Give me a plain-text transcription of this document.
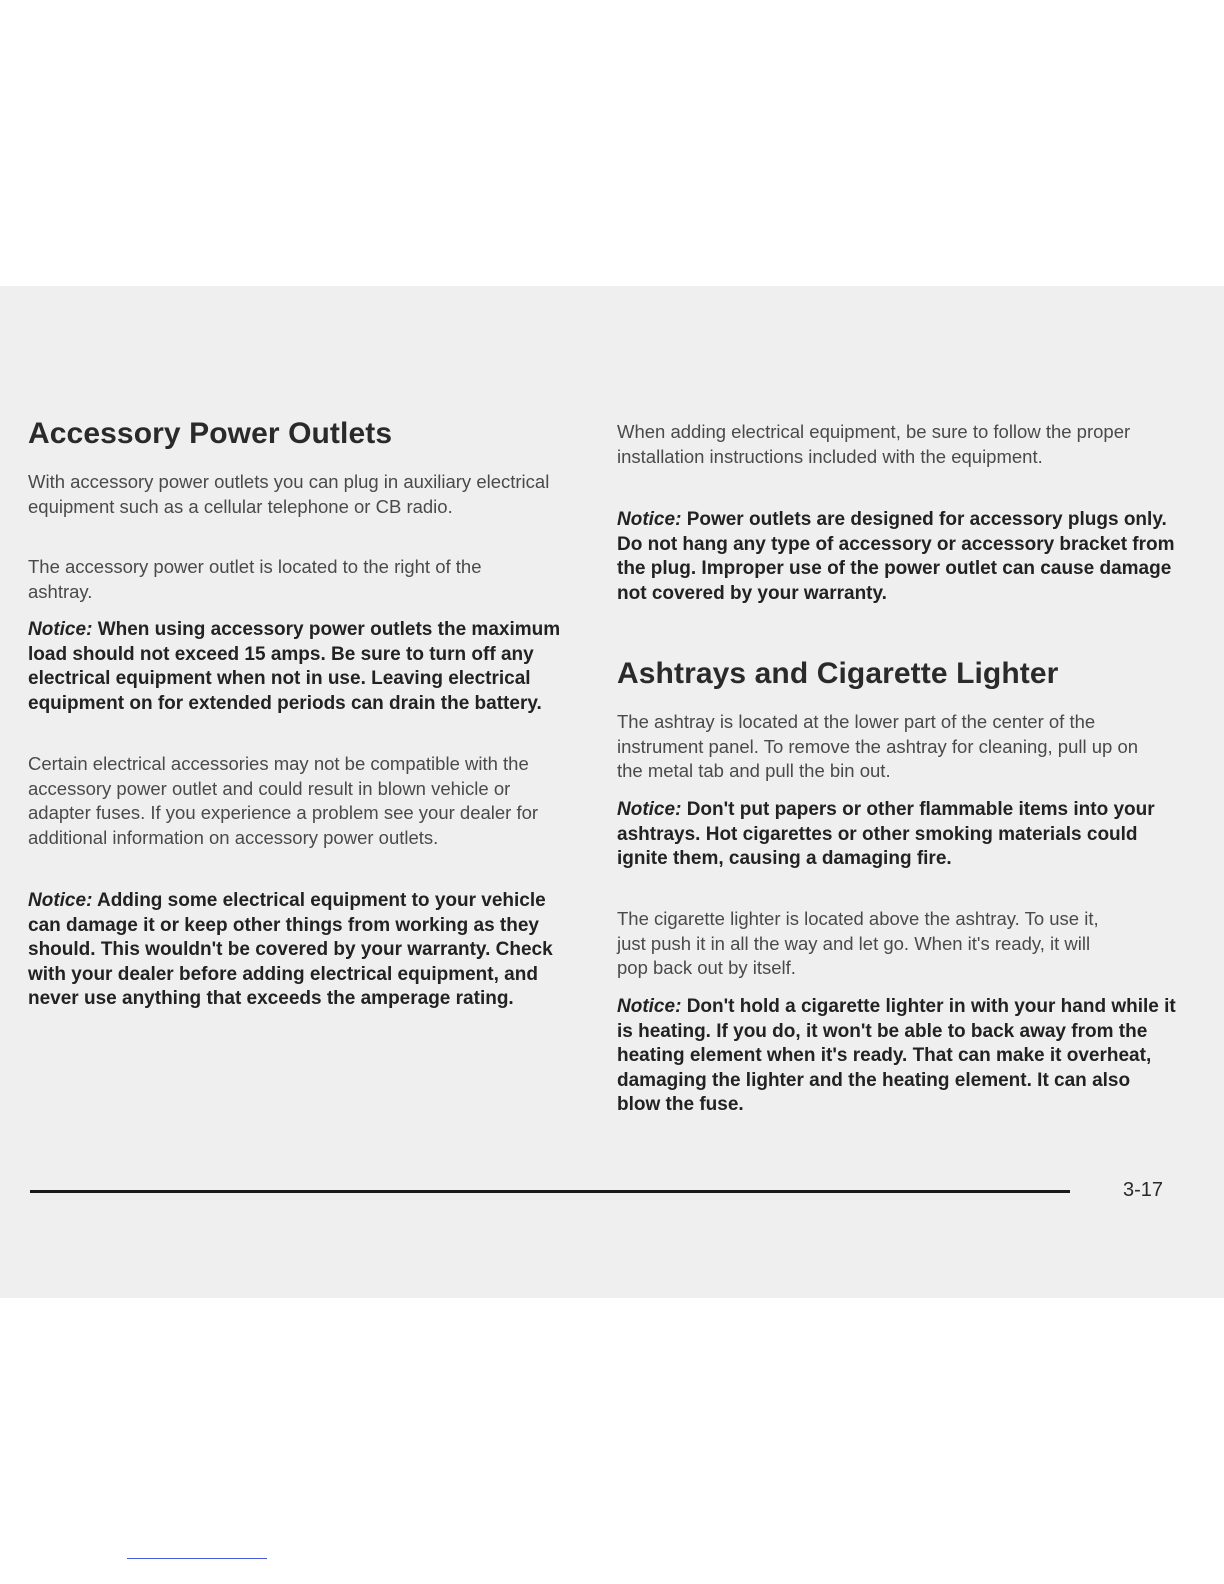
Accessory Power Outlets

With accessory power outlets you can plug in auxiliary electrical equipment such as a cellular telephone or CB radio.

The accessory power outlet is located to the right of the ashtray.

Notice: When using accessory power outlets the maximum load should not exceed 15 amps. Be sure to turn off any electrical equipment when not in use. Leaving electrical equipment on for extended periods can drain the battery.

Certain electrical accessories may not be compatible with the accessory power outlet and could result in blown vehicle or adapter fuses. If you experience a problem see your dealer for additional information on accessory power outlets.

Notice: Adding some electrical equipment to your vehicle can damage it or keep other things from working as they should. This wouldn't be covered by your warranty. Check with your dealer before adding electrical equipment, and never use anything that exceeds the amperage rating.

When adding electrical equipment, be sure to follow the proper installation instructions included with the equipment.

Notice: Power outlets are designed for accessory plugs only. Do not hang any type of accessory or accessory bracket from the plug. Improper use of the power outlet can cause damage not covered by your warranty.

Ashtrays and Cigarette Lighter

The ashtray is located at the lower part of the center of the instrument panel. To remove the ashtray for cleaning, pull up on the metal tab and pull the bin out.

Notice: Don't put papers or other flammable items into your ashtrays. Hot cigarettes or other smoking materials could ignite them, causing a damaging fire.

The cigarette lighter is located above the ashtray. To use it, just push it in all the way and let go. When it's ready, it will pop back out by itself.

Notice: Don't hold a cigarette lighter in with your hand while it is heating. If you do, it won't be able to back away from the heating element when it's ready. That can make it overheat, damaging the lighter and the heating element. It can also blow the fuse.

3-17
